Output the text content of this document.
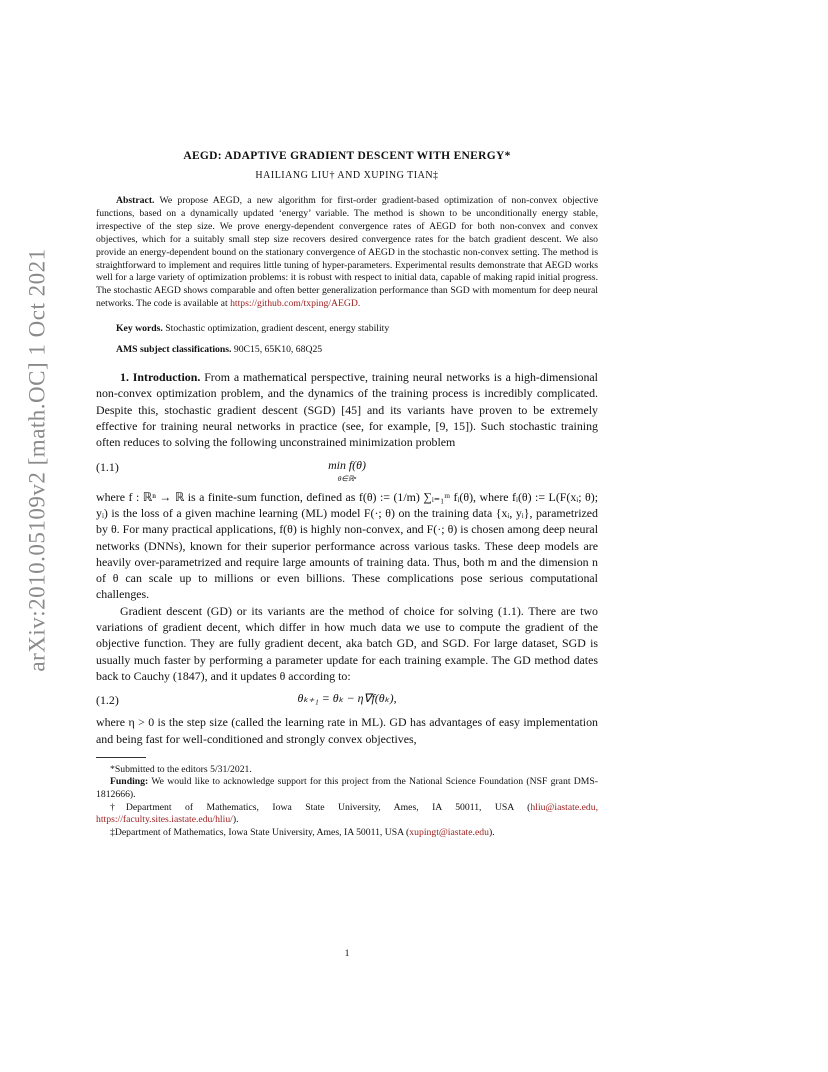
arXiv:2010.05109v2 [math.OC] 1 Oct 2021
AEGD: ADAPTIVE GRADIENT DESCENT WITH ENERGY*
HAILIANG LIU† AND XUPING TIAN‡

Abstract. We propose AEGD, a new algorithm for first-order gradient-based optimization of non-convex objective functions, based on a dynamically updated ‘energy’ variable. The method is shown to be unconditionally energy stable, irrespective of the step size. We prove energy-dependent convergence rates of AEGD for both non-convex and convex objectives, which for a suitably small step size recovers desired convergence rates for the batch gradient descent. We also provide an energy-dependent bound on the stationary convergence of AEGD in the stochastic non-convex setting. The method is straightforward to implement and requires little tuning of hyper-parameters. Experimental results demonstrate that AEGD works well for a large variety of optimization problems: it is robust with respect to initial data, capable of making rapid initial progress. The stochastic AEGD shows comparable and often better generalization performance than SGD with momentum for deep neural networks. The code is available at https://github.com/txping/AEGD.

Key words. Stochastic optimization, gradient descent, energy stability
AMS subject classifications. 90C15, 65K10, 68Q25

1. Introduction. From a mathematical perspective, training neural networks is a high-dimensional non-convex optimization problem, and the dynamics of the training process is incredibly complicated. Despite this, stochastic gradient descent (SGD) [45] and its variants have proven to be extremely effective for training neural networks in practice (see, for example, [9, 15]). Such stochastic training often reduces to solving the following unconstrained minimization problem

(1.1)	min f(θ)
θ∈ℝⁿ

where f : ℝⁿ → ℝ is a finite-sum function, defined as f(θ) := (1/m) ∑ᵢ₌₁ᵐ fᵢ(θ), where fᵢ(θ) := L(F(xᵢ; θ); yᵢ) is the loss of a given machine learning (ML) model F(·; θ) on the training data {xᵢ, yᵢ}, parametrized by θ. For many practical applications, f(θ) is highly non-convex, and F(·; θ) is chosen among deep neural networks (DNNs), known for their superior performance across various tasks. These deep models are heavily over-parametrized and require large amounts of training data. Thus, both m and the dimension n of θ can scale up to millions or even billions. These complications pose serious computational challenges.

Gradient descent (GD) or its variants are the method of choice for solving (1.1). There are two variations of gradient decent, which differ in how much data we use to compute the gradient of the objective function. They are fully gradient decent, aka batch GD, and SGD. For large dataset, SGD is usually much faster by performing a parameter update for each training example. The GD method dates back to Cauchy (1847), and it updates θ according to:

(1.2)	θₖ₊₁ = θₖ − η∇f(θₖ),

where η > 0 is the step size (called the learning rate in ML). GD has advantages of easy implementation and being fast for well-conditioned and strongly convex objectives,

*Submitted to the editors 5/31/2021.

Funding: We would like to acknowledge support for this project from the National Science Foundation (NSF grant DMS-1812666).

†Department of Mathematics, Iowa State University, Ames, IA 50011, USA (hliu@iastate.edu, https://faculty.sites.iastate.edu/hliu/).

‡Department of Mathematics, Iowa State University, Ames, IA 50011, USA (xupingt@iastate.edu).

1
